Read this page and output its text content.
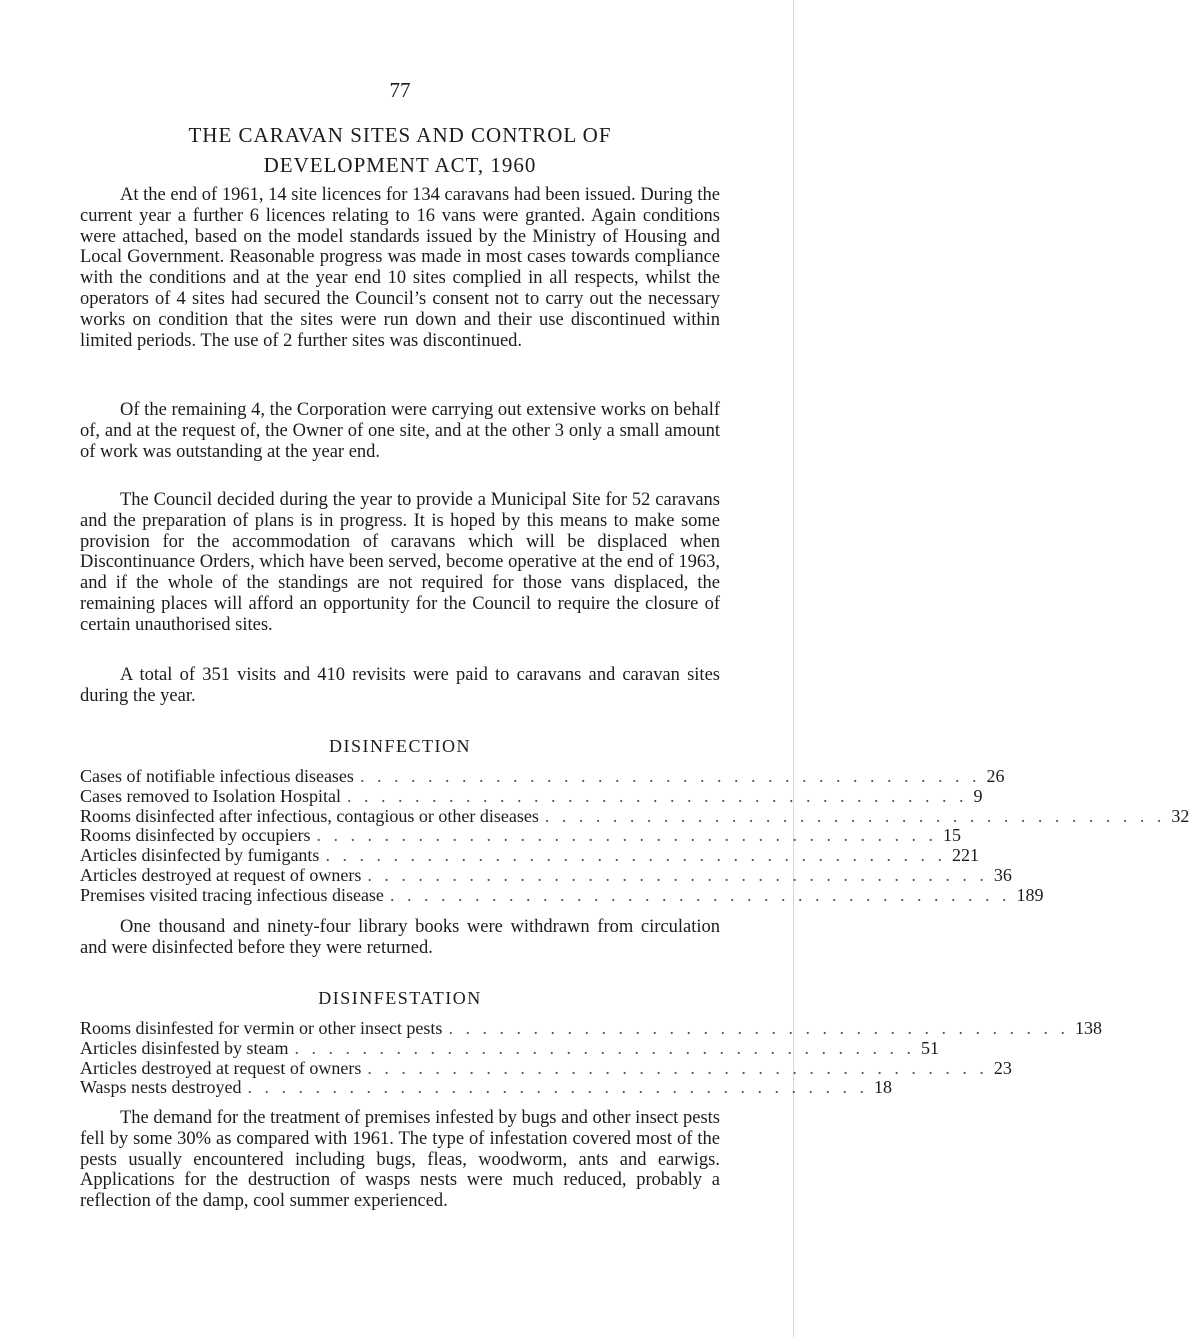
77
THE CARAVAN SITES AND CONTROL OF DEVELOPMENT ACT, 1960

At the end of 1961, 14 site licences for 134 caravans had been issued. During the current year a further 6 licences relating to 16 vans were granted. Again conditions were attached, based on the model standards issued by the Ministry of Housing and Local Government. Reasonable progress was made in most cases towards compliance with the conditions and at the year end 10 sites complied in all respects, whilst the operators of 4 sites had secured the Council’s consent not to carry out the necessary works on condition that the sites were run down and their use discontinued within limited periods. The use of 2 further sites was discontinued.

Of the remaining 4, the Corporation were carrying out extensive works on behalf of, and at the request of, the Owner of one site, and at the other 3 only a small amount of work was outstanding at the year end.

The Council decided during the year to provide a Municipal Site for 52 caravans and the preparation of plans is in progress. It is hoped by this means to make some provision for the accommodation of caravans which will be displaced when Discontinuance Orders, which have been served, become operative at the end of 1963, and if the whole of the standings are not required for those vans displaced, the remaining places will afford an opportunity for the Council to require the closure of certain unauthorised sites.

A total of 351 visits and 410 revisits were paid to caravans and caravan sites during the year.

DISINFECTION
Cases of notifiable infectious diseases . . . . . . . . . . . . . . . . . . . . . . . . . . . . . . . . . . . . . 26
Cases removed to Isolation Hospital . . . . . . . . . . . . . . . . . . . . . . . . . . . . . . . . . . . . . 9
Rooms disinfected after infectious, contagious or other diseases . . . . . . . . . . . . . . . . . . . . . . . . . . . . . . . . . . . . . 32
Rooms disinfected by occupiers . . . . . . . . . . . . . . . . . . . . . . . . . . . . . . . . . . . . . 15
Articles disinfected by fumigants . . . . . . . . . . . . . . . . . . . . . . . . . . . . . . . . . . . . . 221
Articles destroyed at request of owners . . . . . . . . . . . . . . . . . . . . . . . . . . . . . . . . . . . . . 36
Premises visited tracing infectious disease . . . . . . . . . . . . . . . . . . . . . . . . . . . . . . . . . . . . . 189

One thousand and ninety-four library books were withdrawn from circulation and were disinfected before they were returned.

DISINFESTATION
Rooms disinfested for vermin or other insect pests . . . . . . . . . . . . . . . . . . . . . . . . . . . . . . . . . . . . . 138
Articles disinfested by steam . . . . . . . . . . . . . . . . . . . . . . . . . . . . . . . . . . . . . 51
Articles destroyed at request of owners . . . . . . . . . . . . . . . . . . . . . . . . . . . . . . . . . . . . . 23
Wasps nests destroyed . . . . . . . . . . . . . . . . . . . . . . . . . . . . . . . . . . . . . 18

The demand for the treatment of premises infested by bugs and other insect pests fell by some 30% as compared with 1961. The type of infestation covered most of the pests usually encountered including bugs, fleas, woodworm, ants and earwigs. Applications for the destruction of wasps nests were much reduced, probably a reflection of the damp, cool summer experienced.
